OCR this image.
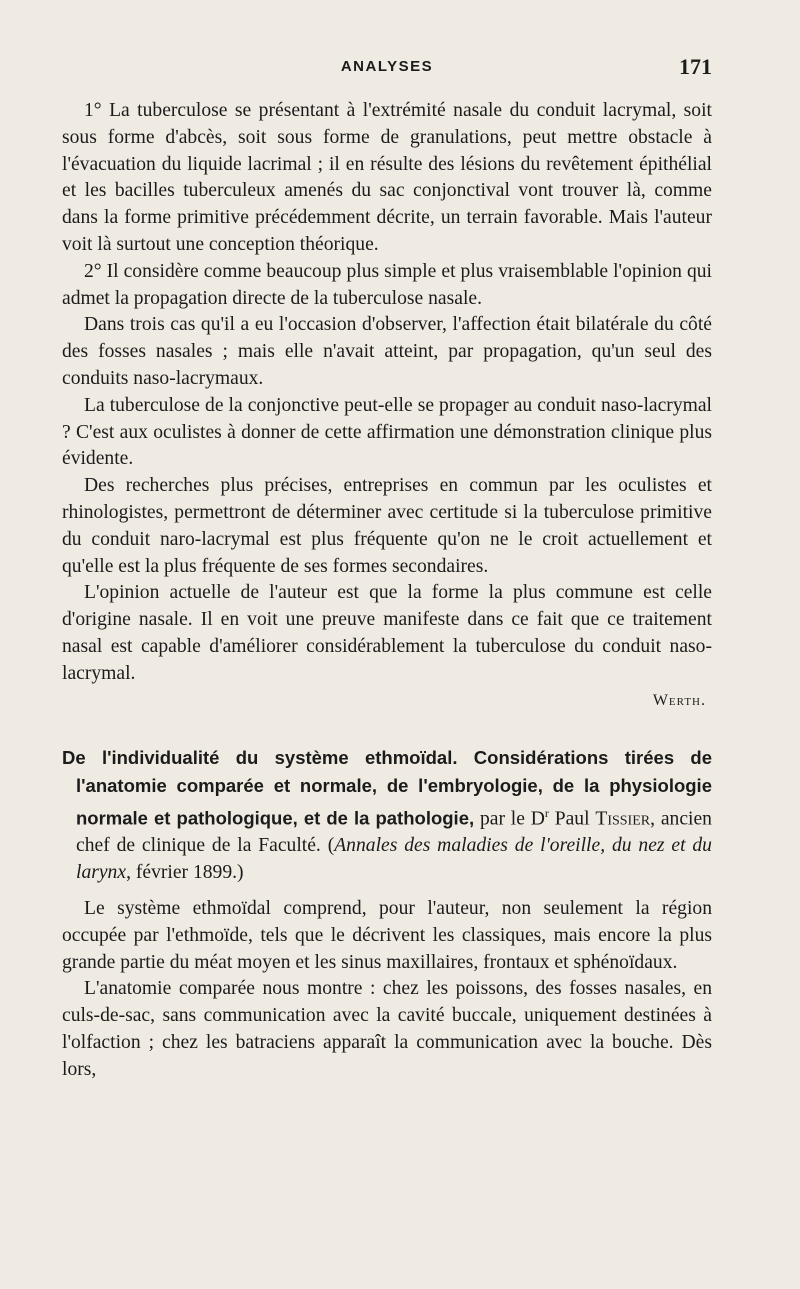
ANALYSES	171

1° La tuberculose se présentant à l'extrémité nasale du conduit lacrymal, soit sous forme d'abcès, soit sous forme de granulations, peut mettre obstacle à l'évacuation du liquide lacrimal ; il en résulte des lésions du revêtement épithélial et les bacilles tuberculeux amenés du sac conjonctival vont trouver là, comme dans la forme primitive précédemment décrite, un terrain favorable. Mais l'auteur voit là surtout une conception théorique.

2° Il considère comme beaucoup plus simple et plus vraisemblable l'opinion qui admet la propagation directe de la tuberculose nasale.

Dans trois cas qu'il a eu l'occasion d'observer, l'affection était bilatérale du côté des fosses nasales ; mais elle n'avait atteint, par propagation, qu'un seul des conduits naso-lacrymaux.

La tuberculose de la conjonctive peut-elle se propager au conduit naso-lacrymal ? C'est aux oculistes à donner de cette affirmation une démonstration clinique plus évidente.

Des recherches plus précises, entreprises en commun par les oculistes et rhinologistes, permettront de déterminer avec certitude si la tuberculose primitive du conduit naro-lacrymal est plus fréquente qu'on ne le croit actuellement et qu'elle est la plus fréquente de ses formes secondaires.

L'opinion actuelle de l'auteur est que la forme la plus commune est celle d'origine nasale. Il en voit une preuve manifeste dans ce fait que ce traitement nasal est capable d'améliorer considérablement la tuberculose du conduit naso-lacrymal.

Werth.

De l'individualité du système ethmoïdal. Considérations tirées de l'anatomie comparée et normale, de l'embryologie, de la physiologie normale et pathologique, et de la pathologie, par le $D^r$ Paul Tissier, ancien chef de clinique de la Faculté. (Annales des maladies de l'oreille, du nez et du larynx, février 1899.)

Le système ethmoïdal comprend, pour l'auteur, non seulement la région occupée par l'ethmoïde, tels que le décrivent les classiques, mais encore la plus grande partie du méat moyen et les sinus maxillaires, frontaux et sphénoïdaux.

L'anatomie comparée nous montre : chez les poissons, des fosses nasales, en culs-de-sac, sans communication avec la cavité buccale, uniquement destinées à l'olfaction ; chez les batraciens apparaît la communication avec la bouche. Dès lors,
